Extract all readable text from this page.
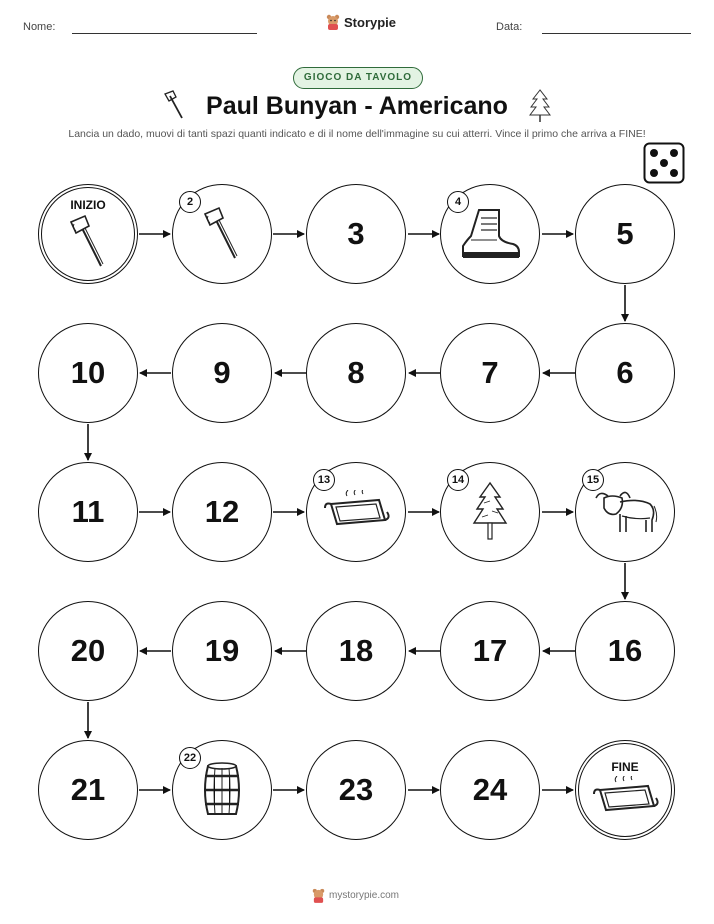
Nome:	Storypie	Data:
GIOCO DA TAVOLO
Paul Bunyan - Americano
Lancia un dado, muovi di tanti spazi quanti indicato e di il nome dell'immagine su cui atterri. Vince il primo che arriva a FINE!
INIZIO	2
3
4
5
6
7
8
9
10
11	12
13	14	15
16
17
18
19
20
21
22
23	24
FINE
mystorypie.com
